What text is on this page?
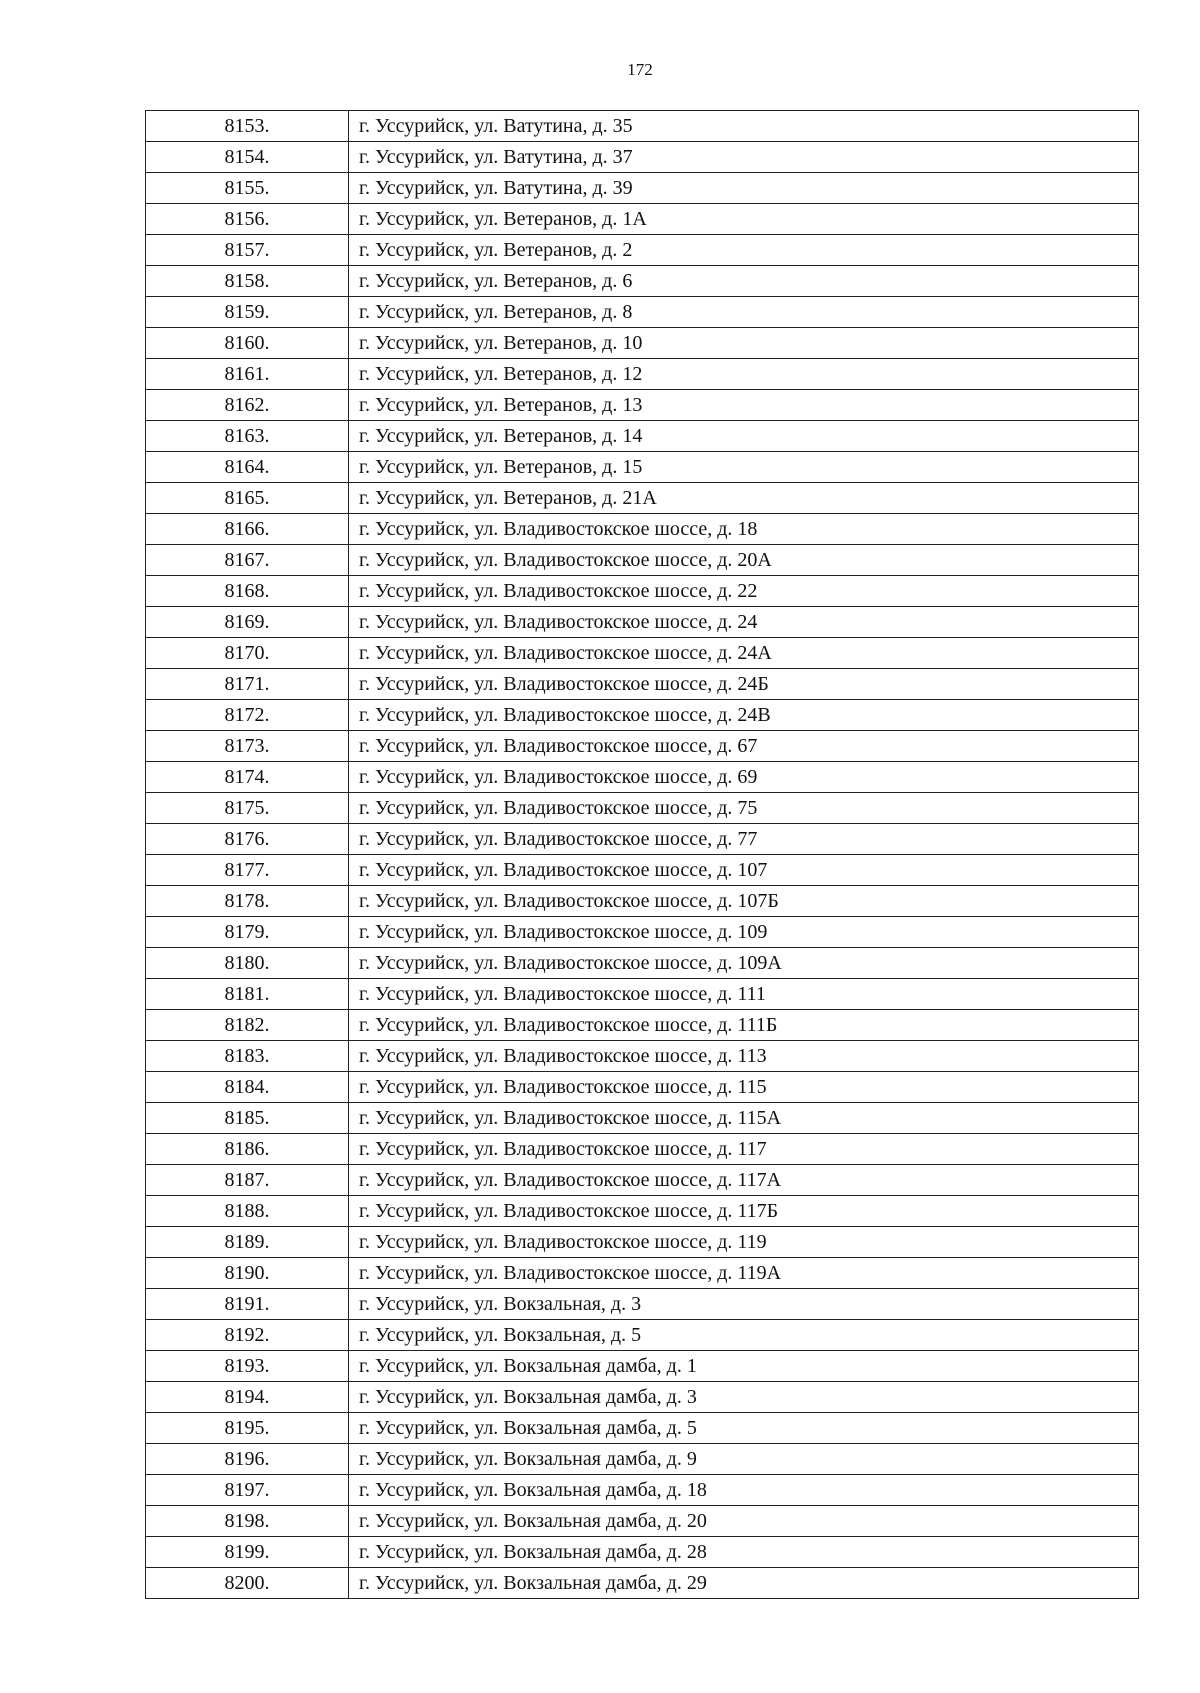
172
8153.	г. Уссурийск, ул. Ватутина, д. 35
8154.	г. Уссурийск, ул. Ватутина, д. 37
8155.	г. Уссурийск, ул. Ватутина, д. 39
8156.	г. Уссурийск, ул. Ветеранов, д. 1А
8157.	г. Уссурийск, ул. Ветеранов, д. 2
8158.	г. Уссурийск, ул. Ветеранов, д. 6
8159.	г. Уссурийск, ул. Ветеранов, д. 8
8160.	г. Уссурийск, ул. Ветеранов, д. 10
8161.	г. Уссурийск, ул. Ветеранов, д. 12
8162.	г. Уссурийск, ул. Ветеранов, д. 13
8163.	г. Уссурийск, ул. Ветеранов, д. 14
8164.	г. Уссурийск, ул. Ветеранов, д. 15
8165.	г. Уссурийск, ул. Ветеранов, д. 21А
8166.	г. Уссурийск, ул. Владивостокское шоссе, д. 18
8167.	г. Уссурийск, ул. Владивостокское шоссе, д. 20А
8168.	г. Уссурийск, ул. Владивостокское шоссе, д. 22
8169.	г. Уссурийск, ул. Владивостокское шоссе, д. 24
8170.	г. Уссурийск, ул. Владивостокское шоссе, д. 24А
8171.	г. Уссурийск, ул. Владивостокское шоссе, д. 24Б
8172.	г. Уссурийск, ул. Владивостокское шоссе, д. 24В
8173.	г. Уссурийск, ул. Владивостокское шоссе, д. 67
8174.	г. Уссурийск, ул. Владивостокское шоссе, д. 69
8175.	г. Уссурийск, ул. Владивостокское шоссе, д. 75
8176.	г. Уссурийск, ул. Владивостокское шоссе, д. 77
8177.	г. Уссурийск, ул. Владивостокское шоссе, д. 107
8178.	г. Уссурийск, ул. Владивостокское шоссе, д. 107Б
8179.	г. Уссурийск, ул. Владивостокское шоссе, д. 109
8180.	г. Уссурийск, ул. Владивостокское шоссе, д. 109А
8181.	г. Уссурийск, ул. Владивостокское шоссе, д. 111
8182.	г. Уссурийск, ул. Владивостокское шоссе, д. 111Б
8183.	г. Уссурийск, ул. Владивостокское шоссе, д. 113
8184.	г. Уссурийск, ул. Владивостокское шоссе, д. 115
8185.	г. Уссурийск, ул. Владивостокское шоссе, д. 115А
8186.	г. Уссурийск, ул. Владивостокское шоссе, д. 117
8187.	г. Уссурийск, ул. Владивостокское шоссе, д. 117А
8188.	г. Уссурийск, ул. Владивостокское шоссе, д. 117Б
8189.	г. Уссурийск, ул. Владивостокское шоссе, д. 119
8190.	г. Уссурийск, ул. Владивостокское шоссе, д. 119А
8191.	г. Уссурийск, ул. Вокзальная, д. 3
8192.	г. Уссурийск, ул. Вокзальная, д. 5
8193.	г. Уссурийск, ул. Вокзальная дамба, д. 1
8194.	г. Уссурийск, ул. Вокзальная дамба, д. 3
8195.	г. Уссурийск, ул. Вокзальная дамба, д. 5
8196.	г. Уссурийск, ул. Вокзальная дамба, д. 9
8197.	г. Уссурийск, ул. Вокзальная дамба, д. 18
8198.	г. Уссурийск, ул. Вокзальная дамба, д. 20
8199.	г. Уссурийск, ул. Вокзальная дамба, д. 28
8200.	г. Уссурийск, ул. Вокзальная дамба, д. 29
